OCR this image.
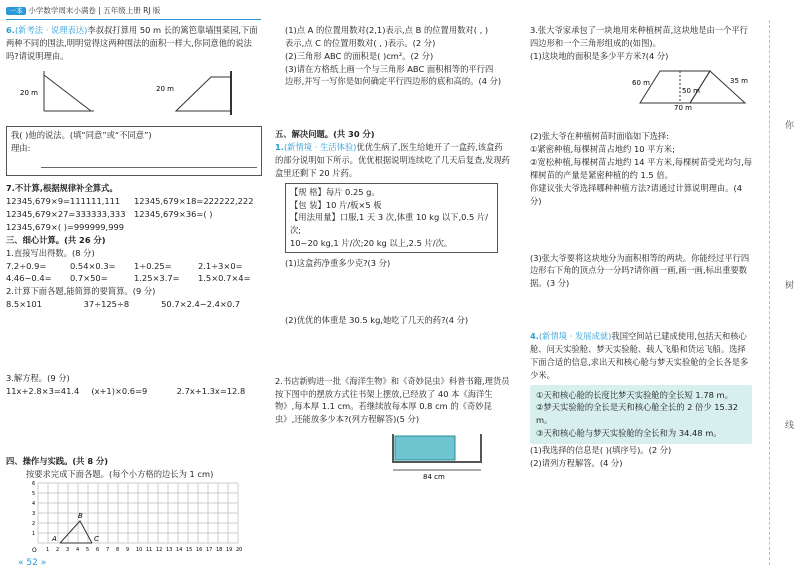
一本 小学数学周末小满卷 | 五年级上册 RJ 版

6.(新考法 · 说理表达)李叔叔打算用 50 m 长的篱笆靠墙围菜园,下面两种不同的围法,明明觉得这两种围法的面积一样大,你同意他的说法吗?请说明理由。

20 m	20 m

我( )他的说法。(填“同意”或“不同意”)

理由:

7.不计算,根据规律补全算式。

12345,679×9=111111,111	12345,679×18=222222,222
12345,679×27=333333,333	12345,679×36=( )
12345,679×( )=999999,999

三、细心计算。(共 26 分)

1.直接写出得数。(8 分)

7.2÷0.9=	0.54×0.3=	1÷0.25=	2.1÷3×0=
4.46−0.4=	0.7×50=	1.25×3.7=	1.5×0.7×4=

2.计算下面各题,能简算的要简算。(9 分)

8.5×101	37÷125÷8	50.7×2.4−2.4×0.7

3.解方程。(9 分)

11x+2.8×3=41.4	(x+1)×0.6=9	2.7x+1.3x=12.8

四、操作与实践。(共 8 分)

按要求完成下面各题。(每个小方格的边长为 1 cm)

1 2 3 4 5 6 7 8 9 10 11 12 13 14 15 16 17 18 19 20
1
2
3
4
5
6
A
B
C
O

(1)点 A 的位置用数对(2,1)表示,点 B 的位置用数对( , )

表示,点 C 的位置用数对( , )表示。(2 分)

(2)三角形 ABC 的面积是( )cm²。(2 分)

(3)请在方格纸上画一个与三角形 ABC 面积相等的平行四

边形,并写一写你是如何确定平行四边形的底和高的。(4 分)

五、解决问题。(共 30 分)

1.(新情境 · 生活体验)优优生病了,医生给她开了一盒药,该盒药的部分说明如下所示。优优根据说明连续吃了几天后复查,发现药盒里还剩下 20 片药。

【规 格】每片 0.25 g。

【包 装】10 片/板×5 板

【用法用量】口服,1 天 3 次,体重 10 kg 以下,0.5 片/次;

10~20 kg,1 片/次;20 kg 以上,2.5 片/次。

(1)这盒药净重多少克?(3 分)

(2)优优的体重是 30.5 kg,她吃了几天的药?(4 分)

2.书店新购进一批《海洋生物》和《奇妙昆虫》科普书籍,理货员按下图中的摆放方式往书架上摆放,已经放了 40 本《海洋生物》,每本厚 1.1 cm。若继续放每本厚 0.8 cm 的《奇妙昆虫》,还能放多少本?(列方程解答)(5 分)

84 cm

3.张大爷家承包了一块地用来种植树苗,这块地是由一个平行四边形和一个三角形组成的(如图)。

(1)这块地的面积是多少平方米?(4 分)

60 m
50 m
35 m
70 m

(2)张大爷在种植树苗时面临如下选择:

①紧密种植,每棵树苗占地约 10 平方米;

②宽松种植,每棵树苗占地约 14 平方米,每棵树苗受光均匀,每棵树苗的产量是紧密种植的约 1.5 倍。

你建议张大爷选择哪种种植方法?请通过计算说明理由。(4 分)

(3)张大爷要将这块地分为面积相等的两块。你能经过平行四边形右下角的顶点分一分吗?请你画一画,画一画,标出重要数据。(3 分)

4.(新情境 · 发展成就)我国空间站已建成使用,包括天和核心舱、问天实验舱、梦天实验舱、载人飞船和货运飞船。选择下面合适的信息,求出天和核心舱与梦天实验舱的全长各是多少米。

①天和核心舱的长度比梦天实验舱的全长短 1.78 m。

②梦天实验舱的全长是天和核心舱全长的 2 倍少 15.32 m。

③天和核心舱与梦天实验舱的全长和为 34.48 m。

(1)我选择的信息是( )(填序号)。(2 分)

(2)请列方程解答。(4 分)

你
树
线
« 52 »
